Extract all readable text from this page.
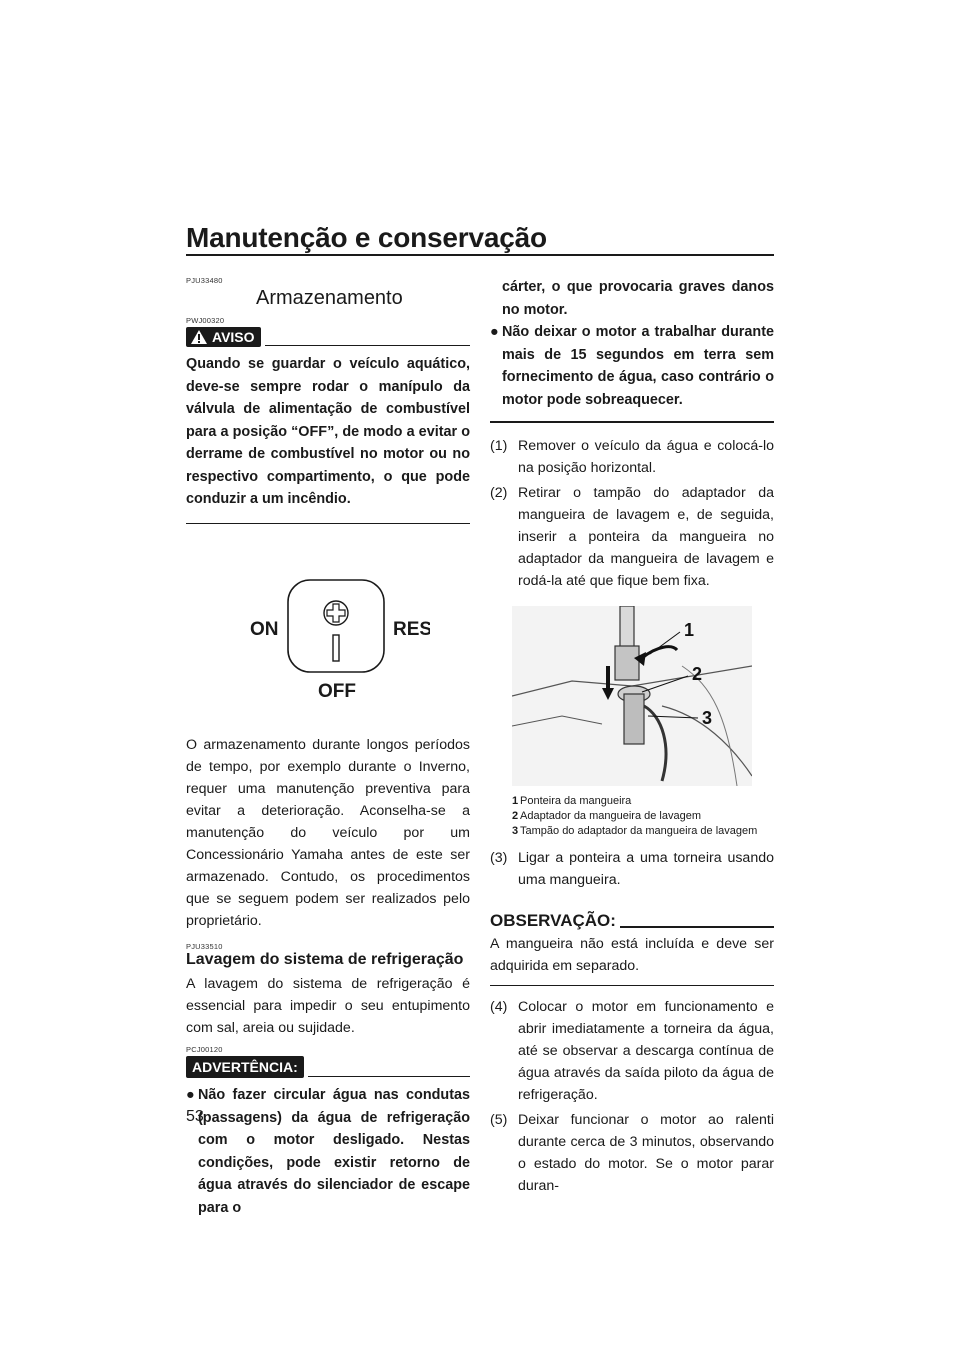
Manutenção e conservação
PJU33480
Armazenamento
PWJ00320
AVISO

Quando se guardar o veículo aquático, deve-se sempre rodar o manípulo da válvula de alimentação de combustível para a posição “OFF”, de modo a evitar o derrame de combustível no motor ou no respectivo compartimento, o que pode conduzir a um incêndio.

ON	RES
OFF

O armazenamento durante longos períodos de tempo, por exemplo durante o Inverno, requer uma manutenção preventiva para evitar a deterioração. Aconselha-se a manutenção do veículo por um Concessionário Yamaha antes de este ser armazenado. Contudo, os procedimentos que se seguem podem ser realizados pelo proprietário.

PJU33510
Lavagem do sistema de refrigeração

A lavagem do sistema de refrigeração é essencial para impedir o seu entupimento com sal, areia ou sujidade.

PCJ00120
ADVERTÊNCIA:
● Não fazer circular água nas condutas (passagens) da água de refrigeração com o motor desligado. Nestas condições, pode existir retorno de água através do silenciador de escape para o
cárter, o que provocaria graves danos no motor.
● Não deixar o motor a trabalhar durante mais de 15 segundos em terra sem fornecimento de água, caso contrário o motor pode sobreaquecer.
(1) Remover o veículo da água e colocá-lo na posição horizontal.
(2) Retirar o tampão do adaptador da mangueira de lavagem e, de seguida, inserir a ponteira da mangueira no adaptador da mangueira de lavagem e rodá-la até que fique bem fixa.
1
2
3
1 Ponteira da mangueira
2 Adaptador da mangueira de lavagem
3 Tampão do adaptador da mangueira de lavagem
(3) Ligar a ponteira a uma torneira usando uma mangueira.
OBSERVAÇÃO:

A mangueira não está incluída e deve ser adquirida em separado.

(4) Colocar o motor em funcionamento e abrir imediatamente a torneira da água, até se observar a descarga contínua de água através da saída piloto da água de refrigeração.
(5) Deixar funcionar o motor ao ralenti durante cerca de 3 minutos, observando o estado do motor. Se o motor parar duran-
53
